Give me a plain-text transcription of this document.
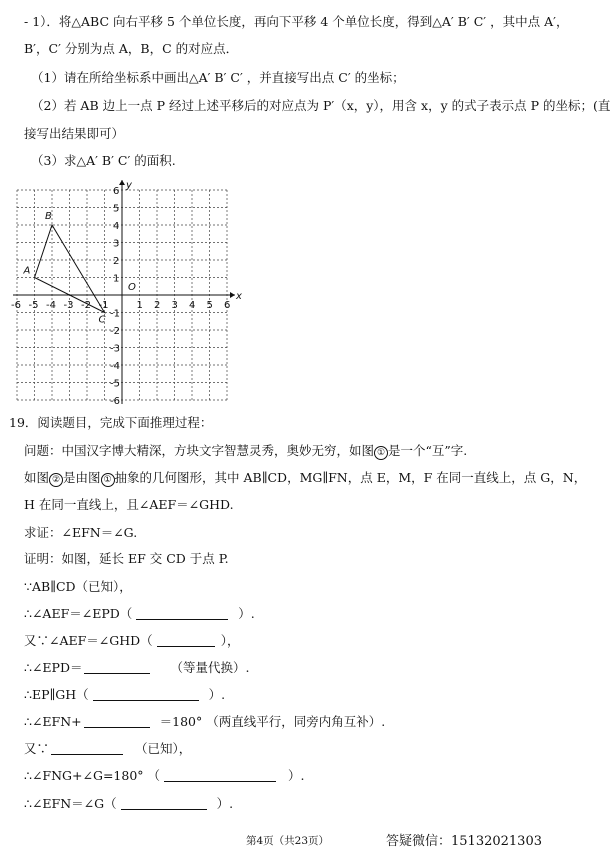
- 1）．将△ABC 向右平移 5 个单位长度，再向下平移 4 个单位长度，得到△A′ B′ C′ ，其中点 A′，
B′，C′ 分别为点 A，B，C 的对应点．
（1）请在所给坐标系中画出△A′ B′ C′ ，并直接写出点 C′ 的坐标；
（2）若 AB 边上一点 P 经过上述平移后的对应点为 P′（x，y），用含 x，y 的式子表示点 P 的坐标；(直
接写出结果即可）
（3）求△A′ B′ C′ 的面积.
x
y
O
-6 -5 -4 -3 -2 -1	1 2 3 4 5 6
1
2
3
4
5
6
-1
-2
-3
-4
-5
-6
A
B
C
19．阅读题目，完成下面推理过程：
问题：中国汉字博大精深，方块文字智慧灵秀，奥妙无穷，如图 ① 是一个“互”字.
如图 ② 是由图 ① 抽象的几何图形，其中 AB∥CD，MG∥FN，点 E，M，F 在同一直线上，点 G，N，
H 在同一直线上，且∠AEF＝∠GHD.
求证：∠EFN＝∠G.
证明：如图，延长 EF 交 CD 于点 P.
∵AB∥CD（已知），
∴∠AEF＝∠EPD（	）.
又∵∠AEF＝∠GHD（	），
∴∠EPD＝	（等量代换）.
∴EP∥GH（	）.
∴∠EFN+	＝180° （两直线平行，同旁内角互补）.
又∵	（已知），
∴∠FNG+∠G=180° （	）.
∴∠EFN＝∠G（	）.
第4页（共23页）	答疑微信：15132021303
